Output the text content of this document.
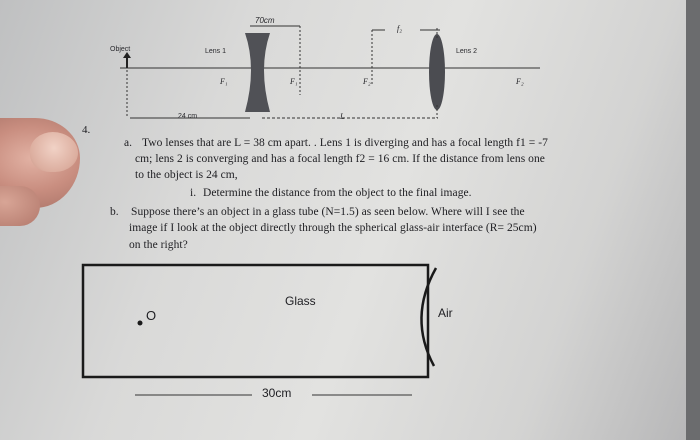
70cm
f₂
Object	Lens 1	Lens 2
F₁	F₁	F₂	F₂
24 cm	L
4.
a. Two lenses that are L = 38 cm apart. . Lens 1 is diverging and has a focal length f1 = -7
cm; lens 2 is converging and has a focal length f2 = 16 cm. If the distance from lens one
to the object is 24 cm,
i. Determine the distance from the object to the final image.
b. Suppose there’s an object in a glass tube (N=1.5) as seen below. Where will I see the
image if I look at the object directly through the spherical glass-air interface (R= 25cm)
on the right?
Glass
Air
O
30cm
